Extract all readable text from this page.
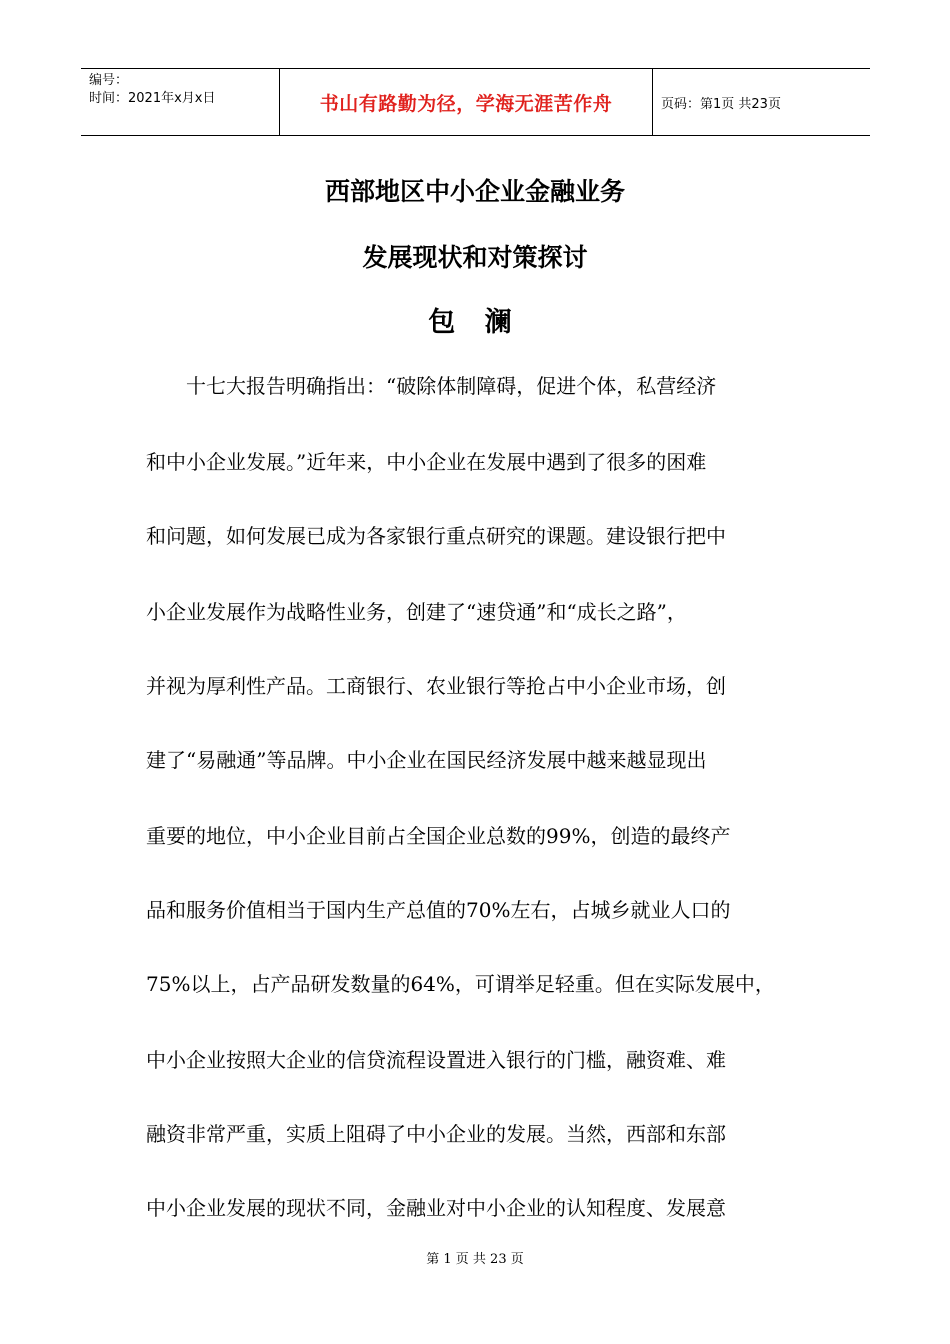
编号：
时间：2021年x月x日	书山有路勤为径，学海无涯苦作舟	页码：第1页 共23页
西部地区中小企业金融业务
发展现状和对策探讨
包 澜
　　十七大报告明确指出：“破除体制障碍，促进个体，私营经济
和中小企业发展。”近年来，中小企业在发展中遇到了很多的困难
和问题，如何发展已成为各家银行重点研究的课题。建设银行把中
小企业发展作为战略性业务，创建了“速贷通”和“成长之路”，
并视为厚利性产品。工商银行、农业银行等抢占中小企业市场，创
建了“易融通”等品牌。中小企业在国民经济发展中越来越显现出
重要的地位，中小企业目前占全国企业总数的99%，创造的最终产
品和服务价值相当于国内生产总值的70%左右，占城乡就业人口的
75%以上，占产品研发数量的64%，可谓举足轻重。但在实际发展中，
中小企业按照大企业的信贷流程设置进入银行的门槛，融资难、难
融资非常严重，实质上阻碍了中小企业的发展。当然，西部和东部
中小企业发展的现状不同，金融业对中小企业的认知程度、发展意
第 1 页 共 23 页
